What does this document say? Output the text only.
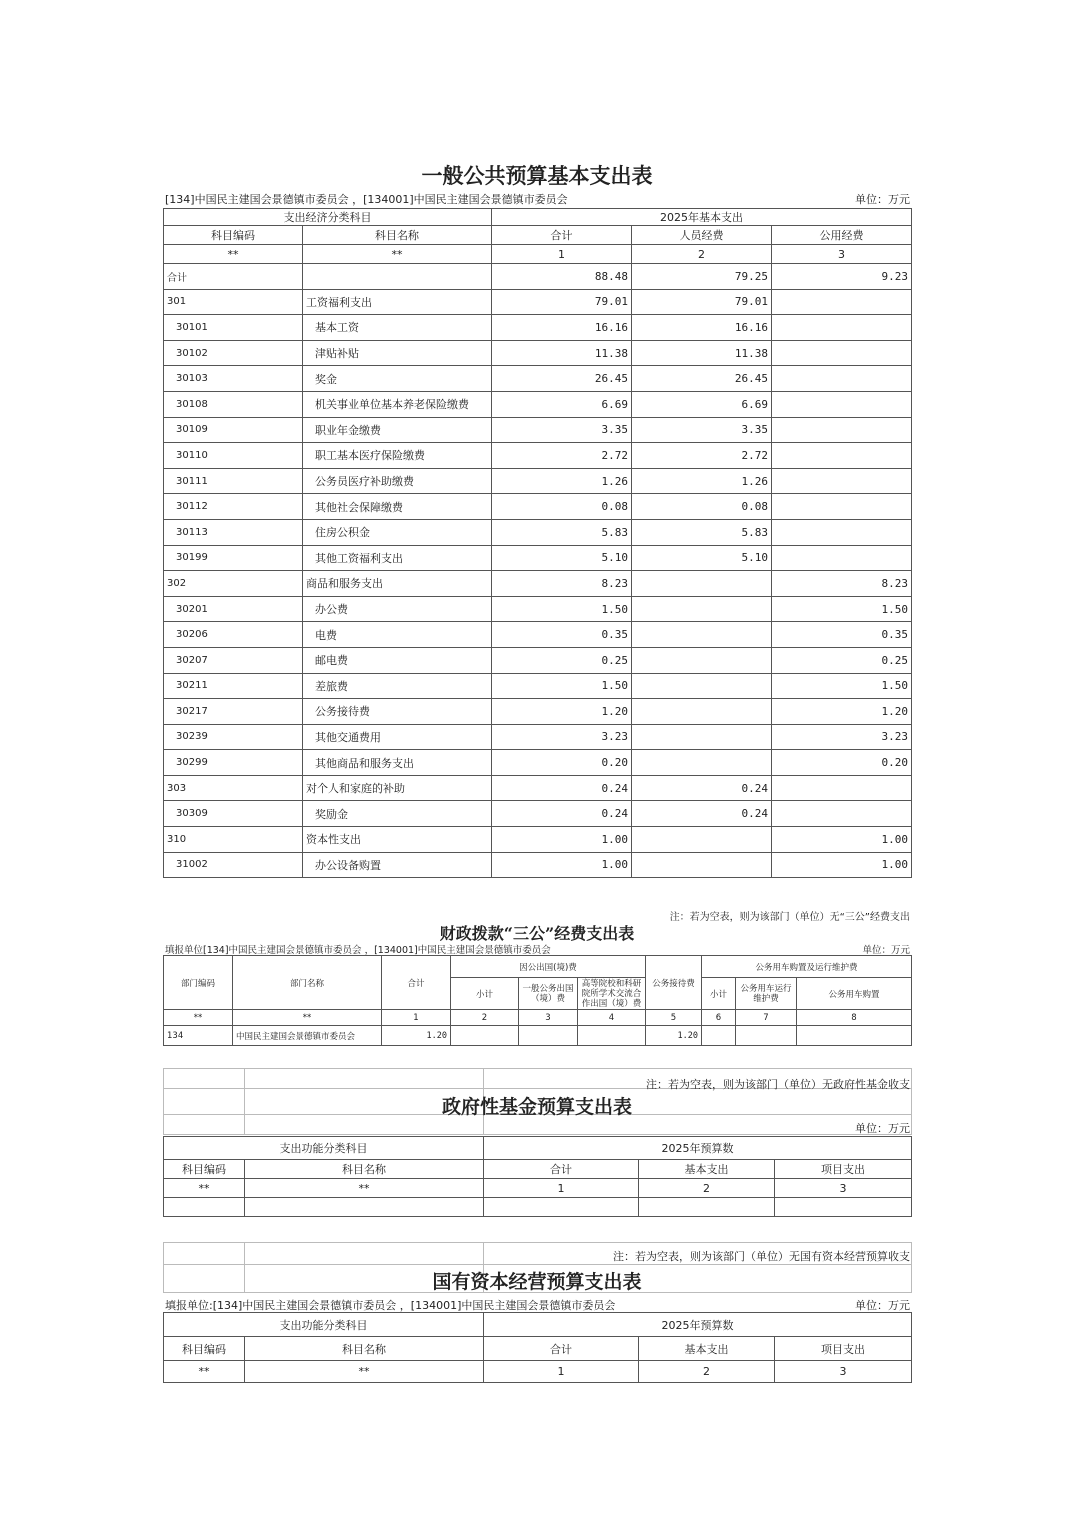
一般公共预算基本支出表
[134]中国民主建国会景德镇市委员会 ，[134001]中国民主建国会景德镇市委员会	单位：万元
支出经济分类科目		2025年基本支出		
科目编码	科目名称	合计	人员经费	公用经费
**	**	1	2	3
合计		88.48	79.25	9.23
301	工资福利支出	79.01	79.01	
30101	基本工资	16.16	16.16	
30102	津贴补贴	11.38	11.38	
30103	奖金	26.45	26.45	
30108	机关事业单位基本养老保险缴费	6.69	6.69	
30109	职业年金缴费	3.35	3.35	
30110	职工基本医疗保险缴费	2.72	2.72	
30111	公务员医疗补助缴费	1.26	1.26	
30112	其他社会保障缴费	0.08	0.08	
30113	住房公积金	5.83	5.83	
30199	其他工资福利支出	5.10	5.10	
302	商品和服务支出	8.23		8.23
30201	办公费	1.50		1.50
30206	电费	0.35		0.35
30207	邮电费	0.25		0.25
30211	差旅费	1.50		1.50
30217	公务接待费	1.20		1.20
30239	其他交通费用	3.23		3.23
30299	其他商品和服务支出	0.20		0.20
303	对个人和家庭的补助	0.24	0.24	
30309	奖励金	0.24	0.24	
310	资本性支出	1.00		1.00
31002	办公设备购置	1.00		1.00
注：若为空表，则为该部门（单位）无“三公”经费支出
财政拨款“三公”经费支出表
填报单位[134]中国民主建国会景德镇市委员会 ，[134001]中国民主建国会景德镇市委员会	单位：万元
部门编码	部门名称	合计	因公出国(境)费			公务接待费	公务用车购置及运行维护费		
			小计	一般公务出国（境）费	高等院校和科研院所学术交流合作出国（境）费		小计	公务用车运行维护费	公务用车购置
**	**	1	2	3	4	5	6	7	8
134	中国民主建国会景德镇市委员会	1.20				1.20			

注：若为空表，则为该部门（单位）无政府性基金收支
政府性基金预算支出表
单位：万元
支出功能分类科目		2025年预算数		
科目编码	科目名称	合计	基本支出	项目支出
**	**	1	2	3

注：若为空表，则为该部门（单位）无国有资本经营预算收支
国有资本经营预算支出表
填报单位:[134]中国民主建国会景德镇市委员会 ，[134001]中国民主建国会景德镇市委员会	单位：万元
支出功能分类科目		2025年预算数		
科目编码	科目名称	合计	基本支出	项目支出
**	**	1	2	3
